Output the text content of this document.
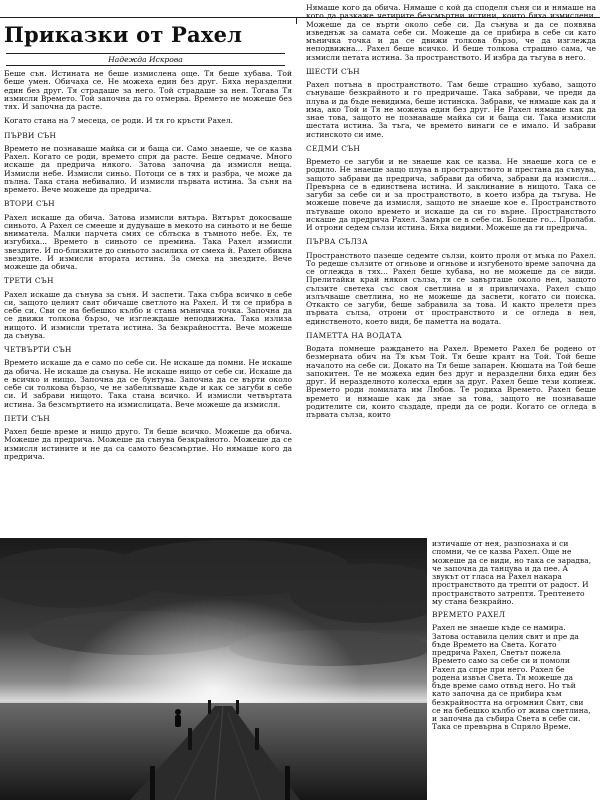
Приказки от Рахел
Надежда Искрова

Беше сън. Истината не беше измислена още. Тя беше хубава. Той беше умен. Обичаха се. Не можеха един без друг. Бяха неразделни един без друг. Тя страдаше за него. Той страдаше за нея. Тогава Тя измисли Времето. Той започна да го отмерва. Времето не можеше без тях. И започна да расте.

Когато стана на 7 месеца, се роди. И тя го кръсти Рахел.

ПЪРВИ СЪН

Времето не познаваше майка си и баща си. Само знаеше, че се казва Рахел. Когато се роди, времето спря да расте. Беше седмаче. Много искаше да предрича някого. Затова започна да измисля неща. Измисли небе. Измисли синьо. Потоци се в тях и разбра, че може да пълна. Така стана небивалио. И измисли първата истина. За съня на времето. Вече можеше да предрича.

ВТОРИ СЪН

Рахел искаше да обича. Затова измисли вятъра. Вятърът докосваше синьото. А Рахел се смееше и дудуваше в мекото на синьото и не беше вниматела. Малки парчета смях се сблъска в тъмното небе. Ех, те изгубиха... Времето в синьото се премина. Така Рахел измисли звездите. И по-близките до синьото засилиха от смеха й. Рахел обикна звездите. И измисли втората истина. За смеха на звездите. Вече можеше да обича.

ТРЕТИ СЪН

Рахел искаше да сънува за съня. И заспети. Така събра всичко в себе си, защото целият свят обичаше светлото на Рахел. И тя се прибра в себе си. Сви се на бебешко кълбо и стана мъничка точка. Започна да се движи толкова бързо, че изглеждаше неподвижна. Така излиза нищото. И измисли третата истина. За безкрайността. Вече можеше да сънува.

ЧЕТВЪРТИ СЪН

Времето искаше да е само по себе си. Не искаше да помни. Не искаше да обича. Не искаше да сънува. Не искаше нищо от себе си. Искаше да е всичко и нищо. Започна да се бунтува. Започна да се върти около себе си толкова бързо, че не забелязваше къде и как се загуби в себе си. И забрави нищото. Така стана всичко. И измисли четвъртата истина. За безсмъртието на измислицата. Вече можеше да измисля.

ПЕТИ СЪН

Рахел беше време и нищо друго. Тя беше всичко. Можеше да обича. Можеше да предрича. Можеше да сънува безкрайното. Можеше да се измисля истините и не да са самото безсмъртие. Но нямаше кого да предрича.

Нямаше кого да обича. Нямаше с кой да споделя съня си и нямаше на кого да разкаже четирите безсмъртни истини, които бяха измислени. Можеше да се върти около себе си. Да сънува и да се появява изведнъж за самата себе си. Можеше да се прибира в себе си като мъничка точка и да се движи толкова бързо, че да изглежда неподвижна... Рахел беше всичко. И беше толкова страшно сама, че измисли петата истина. За пространството. И избра да тъгува в него.

ШЕСТИ СЪН

Рахел потъна в пространството. Там беше страшно хубаво, защото сънуваше безкрайното и го предричаше. Така забрави, че преди да плува и да бъде невидима, беше истинска. Забрави, че нямаше как да я има, ако Той и Тя не можеха един без друг. Не Рахел нямаше как да знае това, защото не познаваше майка си и баща си. Така измисли шестата истина. За тъга, че времето винаги се е имало. И забрави истинското си име.

СЕДМИ СЪН

Времето се загуби и не знаеше как се казва. Не знаеше кога се е родило. Не знаеше защо плува в пространството и престана да сънува, защото забрави да предрича, забрави да обича, забрави да измисля... Превърна се в единствена истина. И заклинание в нищото. Така се загуби за себе си и за пространството, в което избра да тъгува. Не можеше повече да измисля, защото не знаеше кое е. Пространството пътуваше около времето и искаше да си го върне. Пространството искаше да предрича Рахел. Замъри се в себе си. Болеше го... Пролабя. И отрони седем сълзи истина. Бяха видими. Можеше да ги предрича.

ПЪРВА СЪЛЗА

Пространството пазеше седемте сълзи, които проля от мъка по Рахел. То редеше сълзите от огньове и огньове и изгубеното време започна да се оглежда в тях... Рахел беше хубава, но не можеше да се види. Прелитайки край някоя сълза, тя се завърташе около нея, защото сълзите светеха със своя светлина и я привличаха. Рахел също излъчваше светлина, но не можеше да засвети, когато си поиска. Откакто се загуби, беше забравила за това. И както прелетя през първата сълза, отрони от пространството и се огледа в нея, единственото, което видя, бе паметта на водата.

ПАМЕТТА НА ВОДАТА

Водата помнеше раждането на Рахел. Времето Рахел бе родено от безмерната обич на Тя към Той. Тя беше краят на Той. Той беше началото на себе си. Докато на Тя беше запарен. Кюшата на Той беше запокитен. Те не можеха един без друг и неразделни бяха един без друг. И неразделното колесха един за друг. Рахел беше тези копиеж. Времето роди ломилата им Любов. Те родиха Времето. Рахел беше времето и нямаше как да знае за това, защото не познаваше родителите си, които създаде, преди да се роди. Когато се огледа в първата сълза, които

изтичаше от нея, разпознаха и си спомни, че се казва Рахел. Още не можеше да се види, но така се зарадва, че започна да танцува и да пее. А звукът от гласа на Рахел накара пространството да трепти от радост. И пространството затрептя. Трептенето му стана безкрайно.

ВРЕМЕТО РАХЕЛ

Рахел не знаеше къде се намира. Затова оставила целия свят и пре да бъде Времето на Света. Когато предрича Рахел, Светът пожела Времето само за себе си и помоли Рахел да спре при него. Рахел бе родена извън Света. Тя можеше да бъде време само отвъд него. Но тъй като започна да се прибира към безкрайността на огромния Свят, сви се на бебешко кълбо от жива светлина, и започна да събира Света в себе си. Така се превърна в Спряло Време.
